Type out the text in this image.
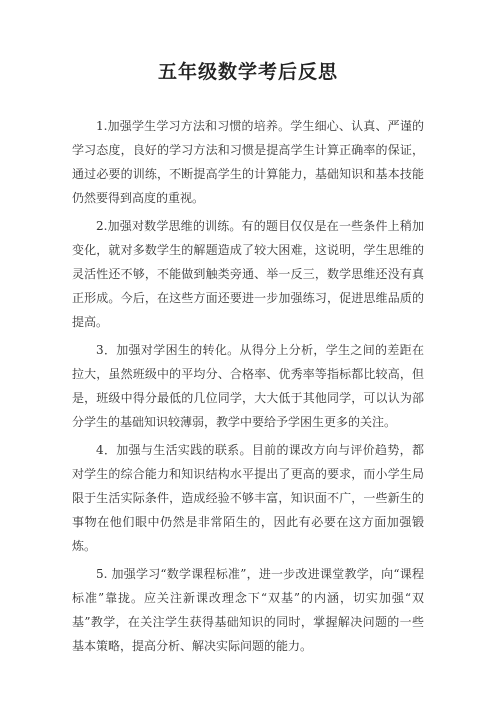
五年级数学考后反思

1.加强学生学习方法和习惯的培养。学生细心、认真、严谨的学习态度，良好的学习方法和习惯是提高学生计算正确率的保证，通过必要的训练，不断提高学生的计算能力，基础知识和基本技能仍然要得到高度的重视。

2.加强对数学思维的训练。有的题目仅仅是在一些条件上稍加变化，就对多数学生的解题造成了较大困难，这说明，学生思维的灵活性还不够，不能做到触类旁通、举一反三，数学思维还没有真正形成。今后，在这些方面还要进一步加强练习，促进思维品质的提高。

3．加强对学困生的转化。从得分上分析，学生之间的差距在拉大，虽然班级中的平均分、合格率、优秀率等指标都比较高，但是，班级中得分最低的几位同学，大大低于其他同学，可以认为部分学生的基础知识较薄弱，教学中要给予学困生更多的关注。

4．加强与生活实践的联系。目前的课改方向与评价趋势，都对学生的综合能力和知识结构水平提出了更高的要求，而小学生局限于生活实际条件，造成经验不够丰富，知识面不广，一些新生的事物在他们眼中仍然是非常陌生的，因此有必要在这方面加强锻炼。

5. 加强学习“数学课程标准”，进一步改进课堂教学，向“课程标准”靠拢。应关注新课改理念下“双基”的内涵，切实加强“双基”教学，在关注学生获得基础知识的同时，掌握解决问题的一些基本策略，提高分析、解决实际问题的能力。
